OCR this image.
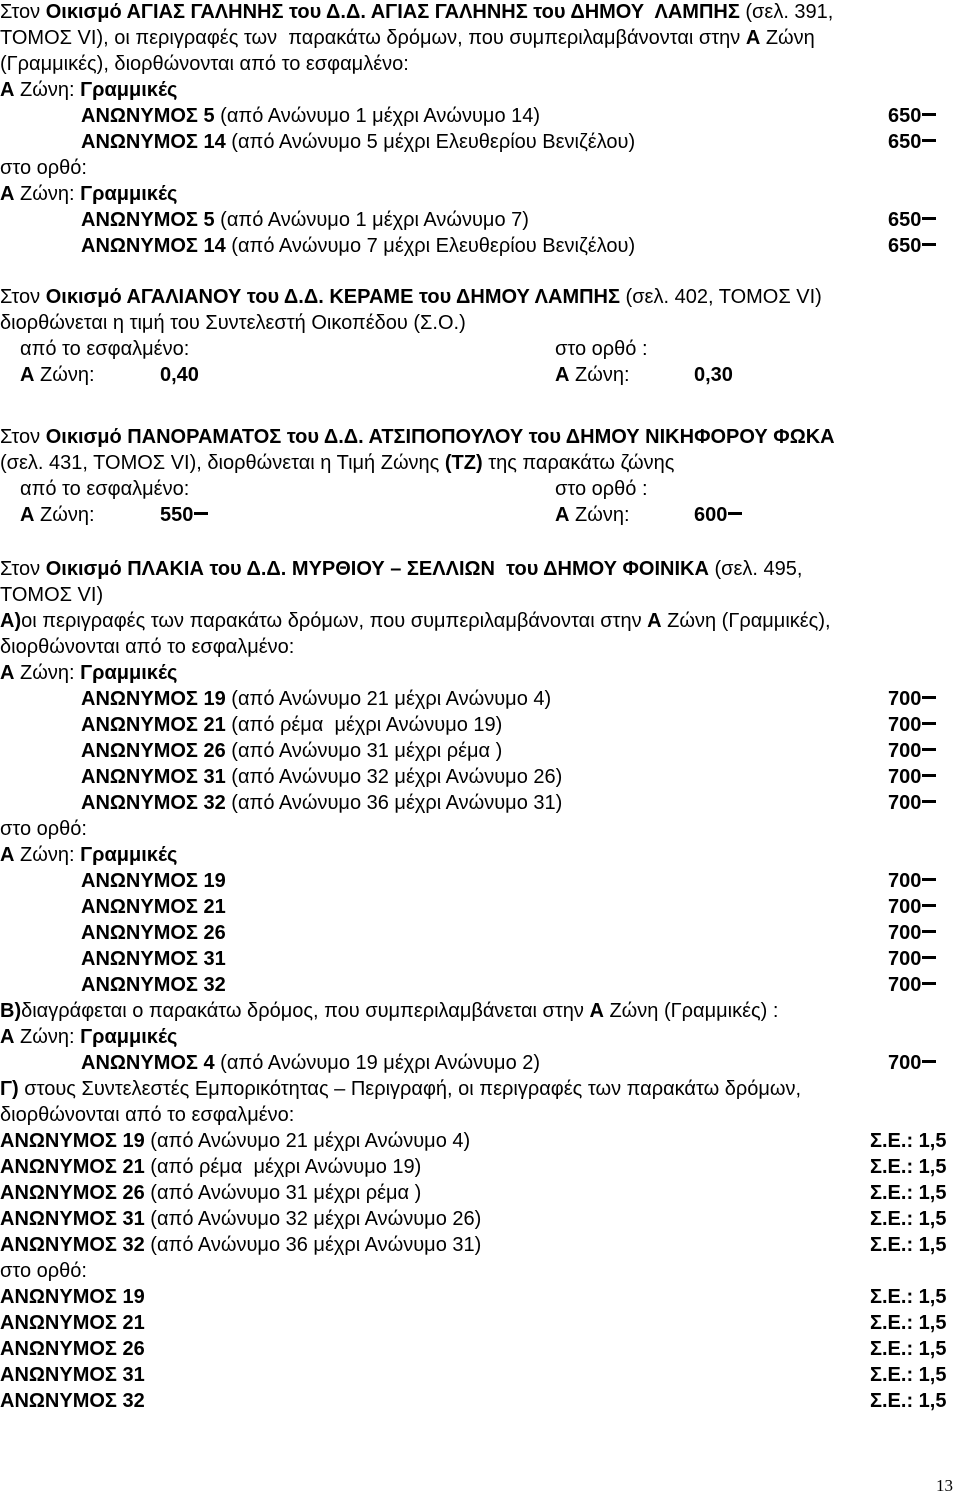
Στον Οικισμό ΑΓΙΑΣ ΓΑΛΗΝΗΣ του Δ.Δ. ΑΓΙΑΣ ΓΑΛΗΝΗΣ του ΔΗΜΟΥ  ΛΑΜΠΗΣ (σελ. 391,
ΤΟΜΟΣ VI), οι περιγραφές των  παρακάτω δρόμων, που συμπεριλαμβάνονται στην Α Ζώνη
(Γραμμικές), διορθώνονται από το εσφαμλένο:
Α Ζώνη: Γραμμικές
ΑΝΩΝΥΜΟΣ 5 (από Ανώνυμο 1 μέχρι Ανώνυμο 14)	650
ΑΝΩΝΥΜΟΣ 14 (από Ανώνυμο 5 μέχρι Ελευθερίου Βενιζέλου)	650
στο ορθό:
Α Ζώνη: Γραμμικές
ΑΝΩΝΥΜΟΣ 5 (από Ανώνυμο 1 μέχρι Ανώνυμο 7)	650
ΑΝΩΝΥΜΟΣ 14 (από Ανώνυμο 7 μέχρι Ελευθερίου Βενιζέλου)	650
Στον Οικισμό ΑΓΑΛΙΑΝΟΥ του Δ.Δ. ΚΕΡΑΜΕ του ΔΗΜΟΥ ΛΑΜΠΗΣ (σελ. 402, ΤΟΜΟΣ VI)
διορθώνεται η τιμή του Συντελεστή Οικοπέδου (Σ.Ο.)
από το εσφαλμένο:	στο ορθό :
Α Ζώνη:	0,40	Α Ζώνη:	0,30
Στον Οικισμό ΠΑΝΟΡΑΜΑΤΟΣ του Δ.Δ. ΑΤΣΙΠΟΠΟΥΛΟΥ του ΔΗΜΟΥ ΝΙΚΗΦΟΡΟΥ ΦΩΚΑ
(σελ. 431, ΤΟΜΟΣ VI), διορθώνεται η Τιμή Ζώνης (ΤΖ) της παρακάτω ζώνης
από το εσφαλμένο:	στο ορθό :
Α Ζώνη:	550	Α Ζώνη:	600
Στον Οικισμό ΠΛΑΚΙΑ του Δ.Δ. ΜΥΡΘΙΟΥ – ΣΕΛΛΙΩΝ  του ΔΗΜΟΥ ΦΟΙΝΙΚΑ (σελ. 495,
ΤΟΜΟΣ VI)
Α)οι περιγραφές των παρακάτω δρόμων, που συμπεριλαμβάνονται στην Α Ζώνη (Γραμμικές),
διορθώνονται από το εσφαλμένο:
Α Ζώνη: Γραμμικές
ΑΝΩΝΥΜΟΣ 19 (από Ανώνυμο 21 μέχρι Ανώνυμο 4)	700
ΑΝΩΝΥΜΟΣ 21 (από ρέμα  μέχρι Ανώνυμο 19)	700
ΑΝΩΝΥΜΟΣ 26 (από Ανώνυμο 31 μέχρι ρέμα )	700
ΑΝΩΝΥΜΟΣ 31 (από Ανώνυμο 32 μέχρι Ανώνυμο 26)	700
ΑΝΩΝΥΜΟΣ 32 (από Ανώνυμο 36 μέχρι Ανώνυμο 31)	700
στο ορθό:
Α Ζώνη: Γραμμικές
ΑΝΩΝΥΜΟΣ 19	700
ΑΝΩΝΥΜΟΣ 21	700
ΑΝΩΝΥΜΟΣ 26	700
ΑΝΩΝΥΜΟΣ 31	700
ΑΝΩΝΥΜΟΣ 32	700
Β)διαγράφεται ο παρακάτω δρόμος, που συμπεριλαμβάνεται στην Α Ζώνη (Γραμμικές) :
Α Ζώνη: Γραμμικές
ΑΝΩΝΥΜΟΣ 4 (από Ανώνυμο 19 μέχρι Ανώνυμο 2)	700
Γ) στους Συντελεστές Εμπορικότητας – Περιγραφή, οι περιγραφές των παρακάτω δρόμων,
διορθώνονται από το εσφαλμένο:
ΑΝΩΝΥΜΟΣ 19 (από Ανώνυμο 21 μέχρι Ανώνυμο 4)	Σ.Ε.: 1,5
ΑΝΩΝΥΜΟΣ 21 (από ρέμα  μέχρι Ανώνυμο 19)	Σ.Ε.: 1,5
ΑΝΩΝΥΜΟΣ 26 (από Ανώνυμο 31 μέχρι ρέμα )	Σ.Ε.: 1,5
ΑΝΩΝΥΜΟΣ 31 (από Ανώνυμο 32 μέχρι Ανώνυμο 26)	Σ.Ε.: 1,5
ΑΝΩΝΥΜΟΣ 32 (από Ανώνυμο 36 μέχρι Ανώνυμο 31)	Σ.Ε.: 1,5
στο ορθό:
ΑΝΩΝΥΜΟΣ 19	Σ.Ε.: 1,5
ΑΝΩΝΥΜΟΣ 21	Σ.Ε.: 1,5
ΑΝΩΝΥΜΟΣ 26	Σ.Ε.: 1,5
ΑΝΩΝΥΜΟΣ 31	Σ.Ε.: 1,5
ΑΝΩΝΥΜΟΣ 32	Σ.Ε.: 1,5
13
